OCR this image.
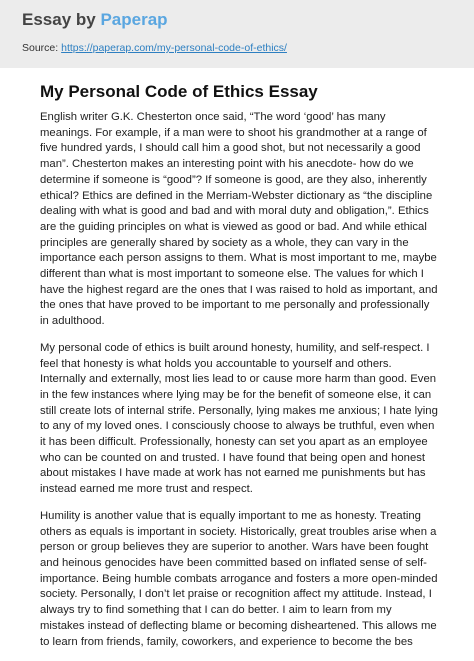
Essay by Paperap
Source: https://paperap.com/my-personal-code-of-ethics/
My Personal Code of Ethics Essay

English writer G.K. Chesterton once said, “The word ‘good’ has many meanings. For example, if a man were to shoot his grandmother at a range of five hundred yards, I should call him a good shot, but not necessarily a good man”. Chesterton makes an interesting point with his anecdote- how do we determine if someone is “good”? If someone is good, are they also, inherently ethical? Ethics are defined in the Merriam-Webster dictionary as “the discipline dealing with what is good and bad and with moral duty and obligation,”. Ethics are the guiding principles on what is viewed as good or bad. And while ethical principles are generally shared by society as a whole, they can vary in the importance each person assigns to them. What is most important to me, maybe different than what is most important to someone else. The values for which I have the highest regard are the ones that I was raised to hold as important, and the ones that have proved to be important to me personally and professionally in adulthood.

My personal code of ethics is built around honesty, humility, and self-respect. I feel that honesty is what holds you accountable to yourself and others. Internally and externally, most lies lead to or cause more harm than good. Even in the few instances where lying may be for the benefit of someone else, it can still create lots of internal strife. Personally, lying makes me anxious; I hate lying to any of my loved ones. I consciously choose to always be truthful, even when it has been difficult. Professionally, honesty can set you apart as an employee who can be counted on and trusted. I have found that being open and honest about mistakes I have made at work has not earned me punishments but has instead earned me more trust and respect.

Humility is another value that is equally important to me as honesty. Treating others as equals is important in society. Historically, great troubles arise when a person or group believes they are superior to another. Wars have been fought and heinous genocides have been committed based on inflated sense of self-importance. Being humble combats arrogance and fosters a more open-minded society. Personally, I don’t let praise or recognition affect my attitude. Instead, I always try to find something that I can do better. I aim to learn from my mistakes instead of deflecting blame or becoming disheartened. This allows me to learn from friends, family, coworkers, and experience to become the bes
